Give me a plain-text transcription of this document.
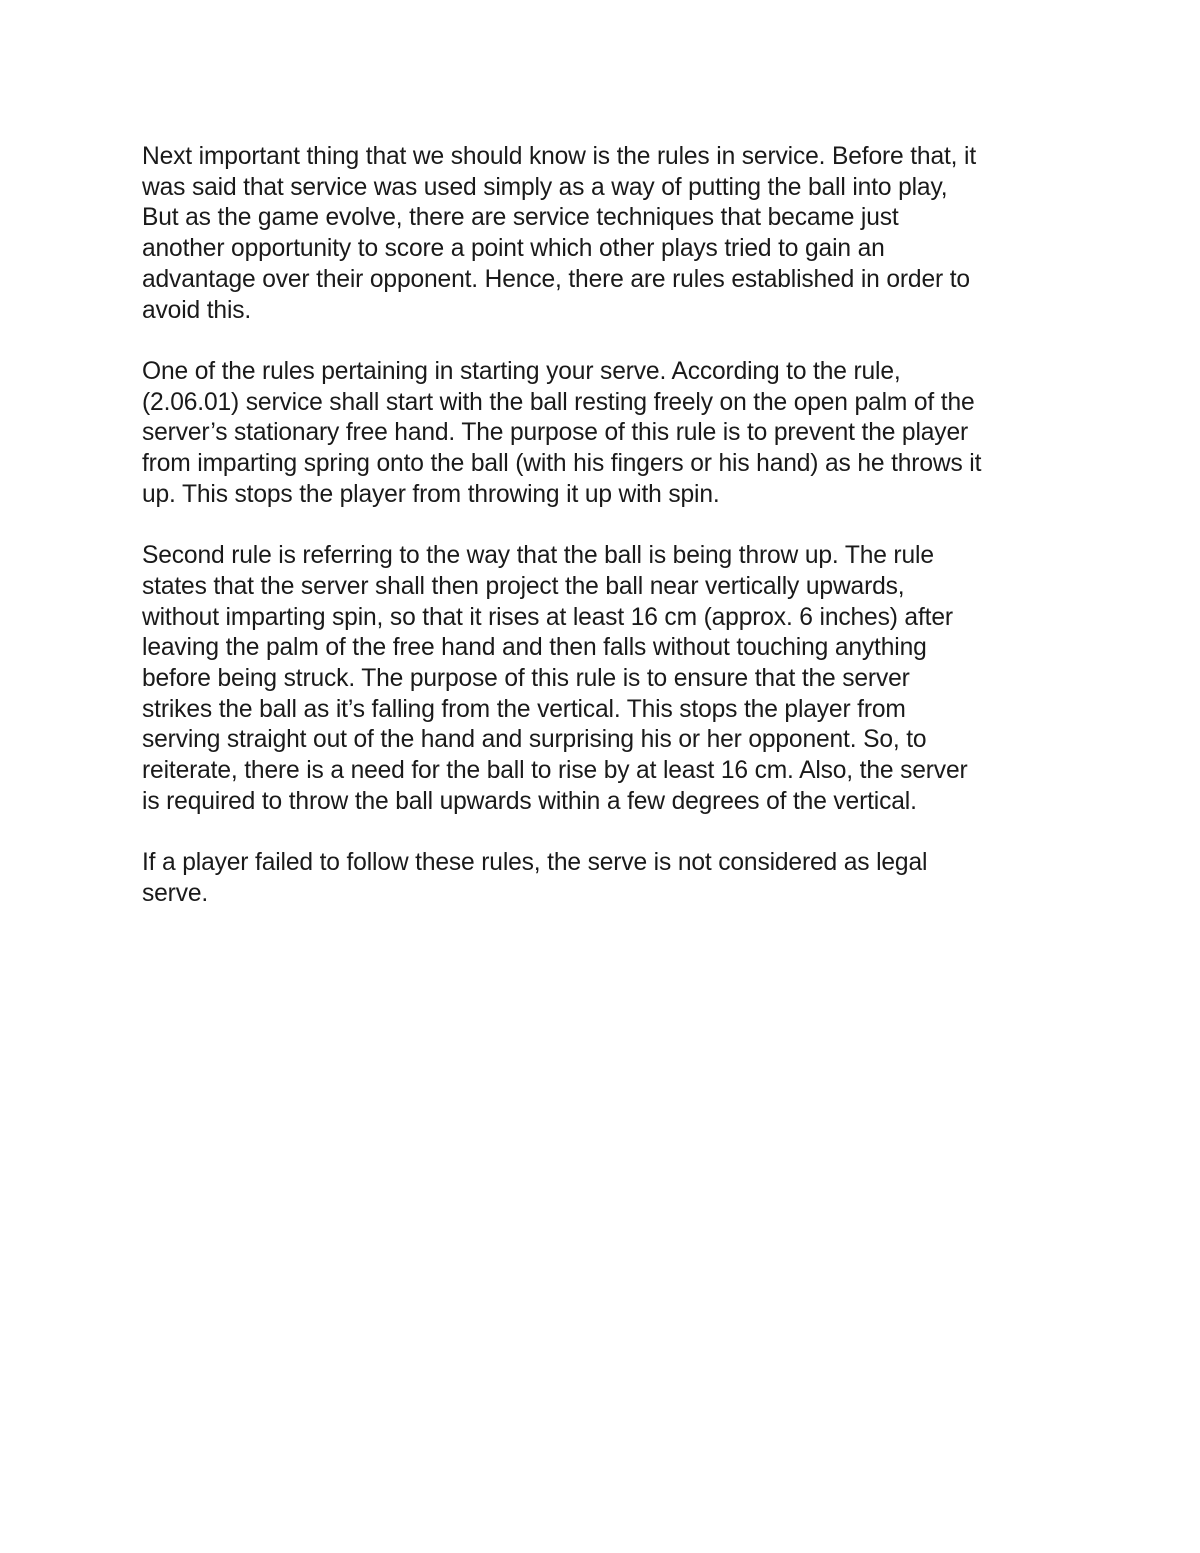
Next important thing that we should know is the rules in service. Before that, it
was said that service was used simply as a way of putting the ball into play,
But as the game evolve, there are service techniques that became just
another opportunity to score a point which other plays tried to gain an
advantage over their opponent. Hence, there are rules established in order to
avoid this.

One of the rules pertaining in starting your serve. According to the rule,
(2.06.01) service shall start with the ball resting freely on the open palm of the
server’s stationary free hand. The purpose of this rule is to prevent the player
from imparting spring onto the ball (with his fingers or his hand) as he throws it
up. This stops the player from throwing it up with spin.

Second rule is referring to the way that the ball is being throw up. The rule
states that the server shall then project the ball near vertically upwards,
without imparting spin, so that it rises at least 16 cm (approx. 6 inches) after
leaving the palm of the free hand and then falls without touching anything
before being struck. The purpose of this rule is to ensure that the server
strikes the ball as it’s falling from the vertical. This stops the player from
serving straight out of the hand and surprising his or her opponent. So, to
reiterate, there is a need for the ball to rise by at least 16 cm. Also, the server
is required to throw the ball upwards within a few degrees of the vertical.

If a player failed to follow these rules, the serve is not considered as legal
serve.
